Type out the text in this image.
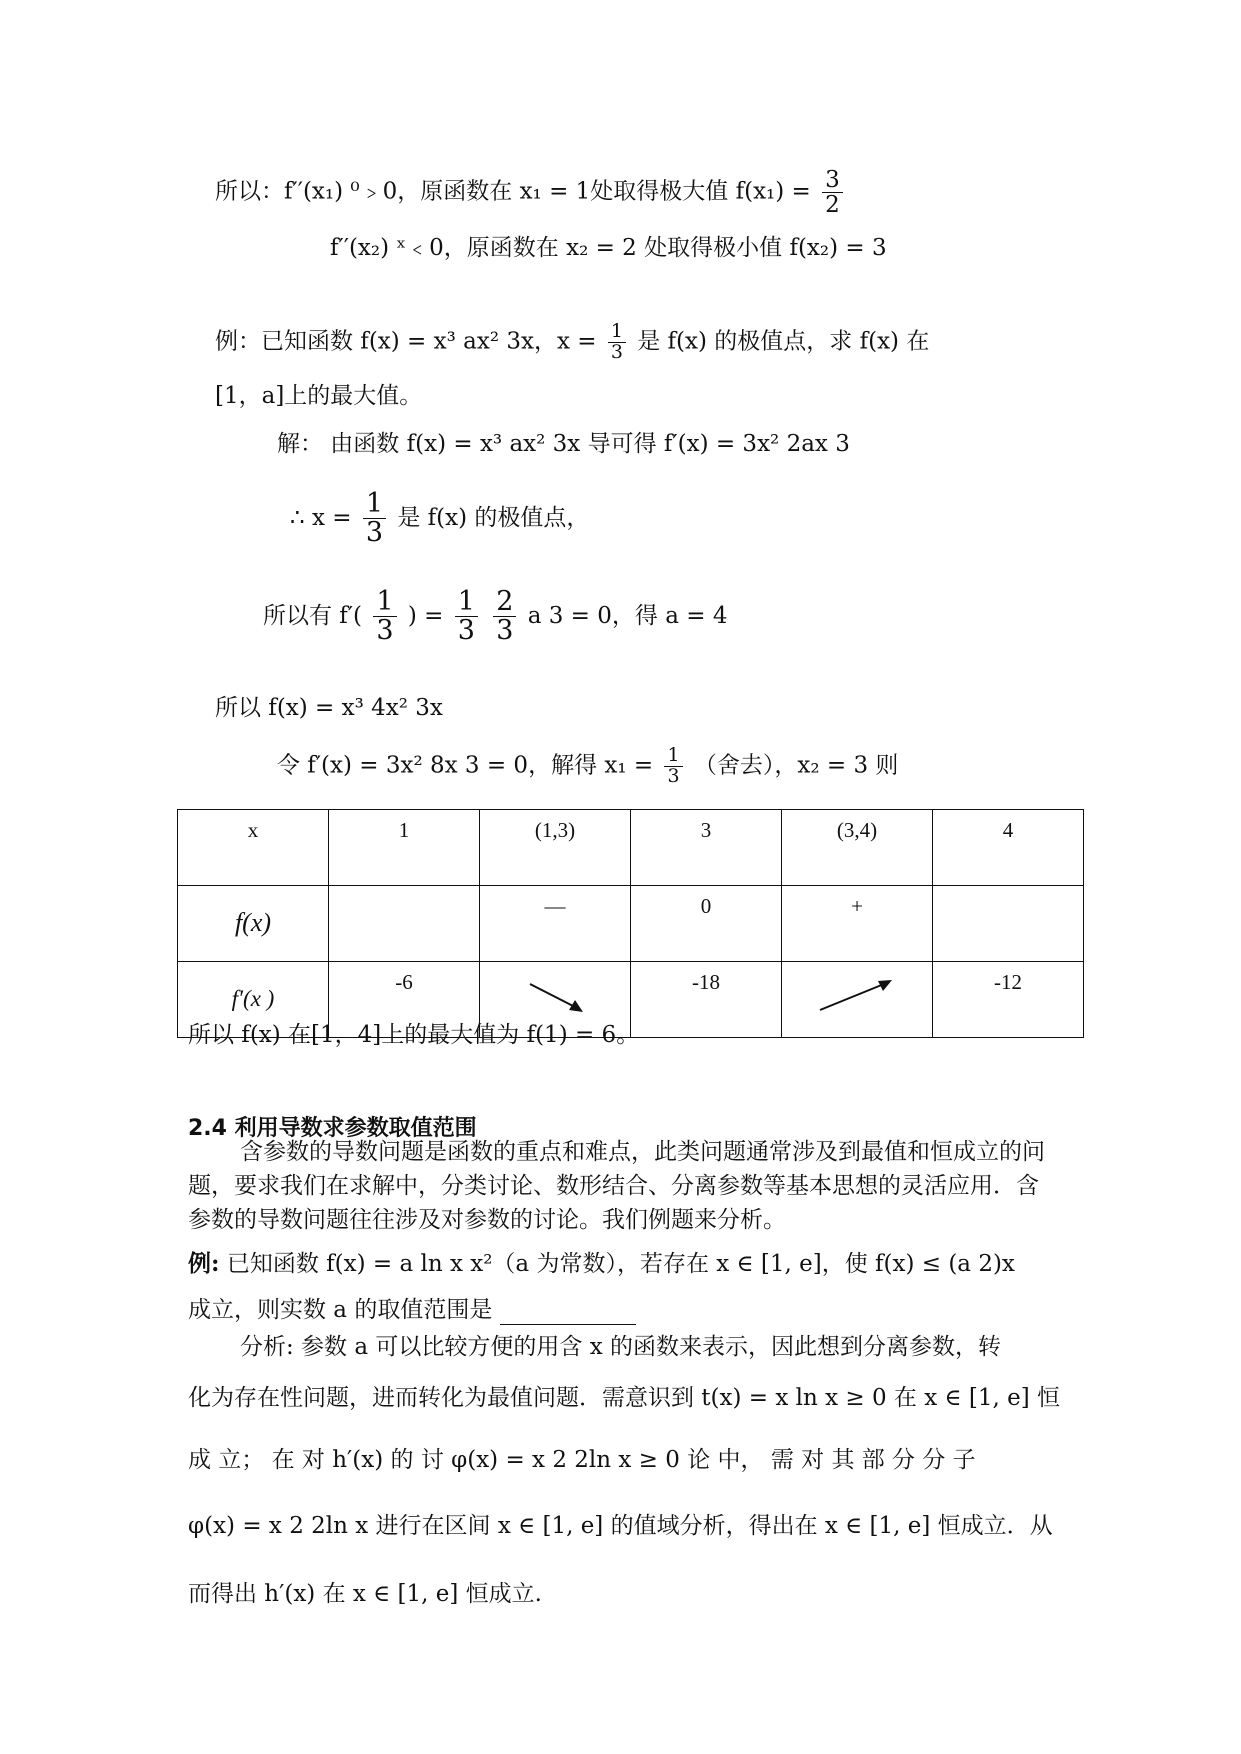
所以：f′′(x₁) ⁰﹥0，原函数在 x₁ = 1处取得极大值 $f(x_1) = \frac{3}{2}$
f′′(x₂) ˣ﹤0，原函数在 x₂ = 2 处取得极小值 f(x₂) = 3
例：已知函数 f(x) = x³ ax² 3x，$x = \frac{1}{3}$ 是 f(x) 的极值点，求 f(x) 在
[1，a]上的最大值。
解： 由函数 f(x) = x³ ax² 3x 导可得 f′(x) = 3x² 2ax 3
∴ $x = \frac{1}{3}$ 是 f(x) 的极值点，
所以有 $f'( \frac{1}{3}$ ) = $\frac{1}{3}$
$\frac{2}{3}$ a 3 = 0，得 a = 4
所以 f(x) = x³ 4x² 3x
令 f′(x) = 3x² 8x 3 = 0，解得 $x_1 = \frac{1}{3}$ （舍去），x₂ = 3 则
x	1	(1,3)	3	(3,4)	4
f(x)		—	0	+	
f′(x )	-6		-18		-12
所以 f(x) 在[1，4]上的最大值为 f(1) = 6。
2.4 利用导数求参数取值范围

含参数的导数问题是函数的重点和难点，此类问题通常涉及到最值和恒成立的问题，要求我们在求解中，分类讨论、数形结合、分离参数等基本思想的灵活应用．含参数的导数问题往往涉及对参数的讨论。我们例题来分析。

例: 已知函数 f(x) = a ln x x²（a 为常数），若存在 x ∈ [1, e]，使 f(x) ≤ (a 2)x
成立，则实数 a 的取值范围是
分析: 参数 a 可以比较方便的用含 x 的函数来表示，因此想到分离参数，转
化为存在性问题，进而转化为最值问题．需意识到 t(x) = x ln x ≥ 0 在 x ∈ [1, e] 恒
成 立； 在 对 h′(x) 的 讨 φ(x) = x 2 2ln x ≥ 0 论 中， 需 对 其 部 分 分 子
φ(x) = x 2 2ln x 进行在区间 x ∈ [1, e] 的值域分析，得出在 x ∈ [1, e] 恒成立．从
而得出 h′(x) 在 x ∈ [1, e] 恒成立.
